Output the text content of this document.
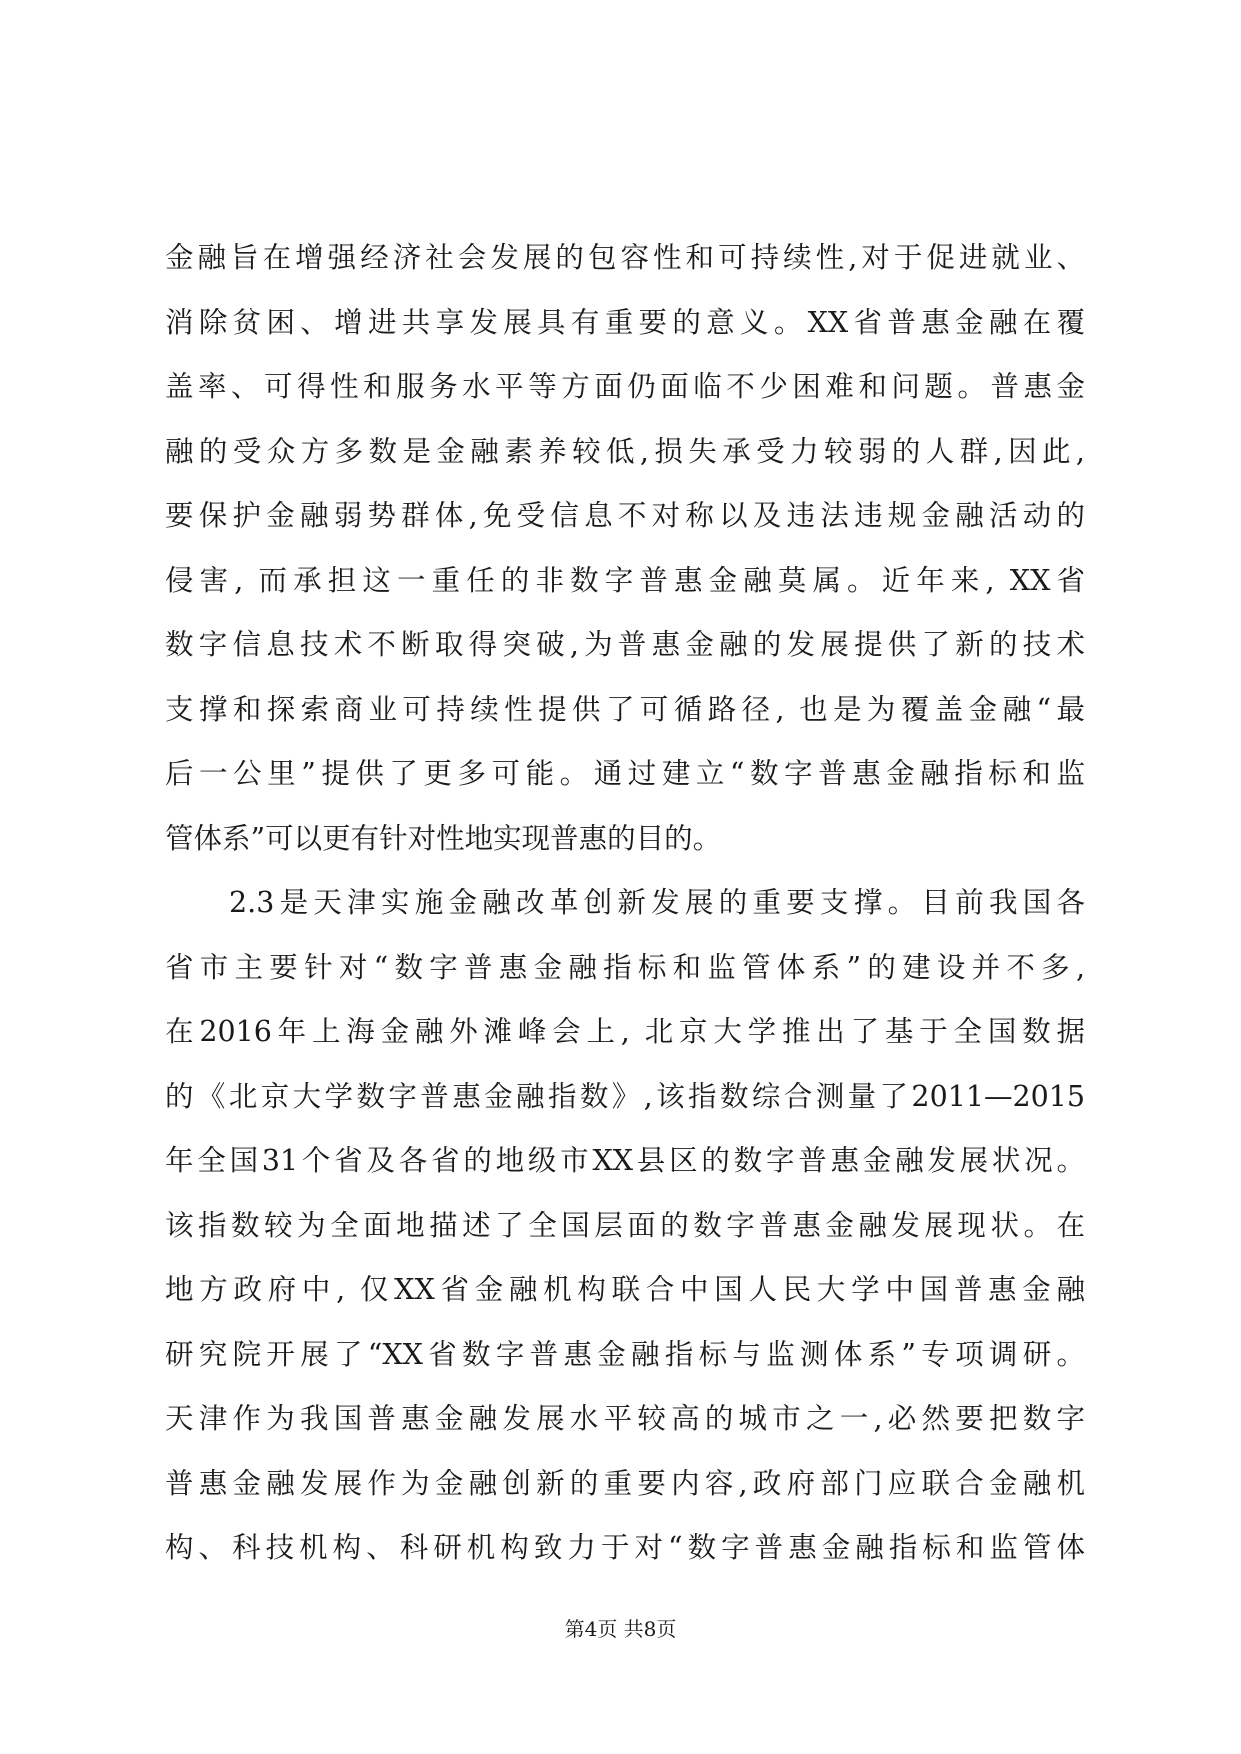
金融旨在增强经济社会发展的包容性和可持续性,对于促进就业、
消除贫困、增进共享发展具有重要的意义。XX省普惠金融在覆
盖率、可得性和服务水平等方面仍面临不少困难和问题。普惠金
融的受众方多数是金融素养较低,损失承受力较弱的人群,因此,
要保护金融弱势群体,免受信息不对称以及违法违规金融活动的
侵害, 而承担这一重任的非数字普惠金融莫属。近年来, XX省
数字信息技术不断取得突破,为普惠金融的发展提供了新的技术
支撑和探索商业可持续性提供了可循路径, 也是为覆盖金融“最
后一公里”提供了更多可能。通过建立“数字普惠金融指标和监
管体系”可以更有针对性地实现普惠的目的。
2.3是天津实施金融改革创新发展的重要支撑。目前我国各
省市主要针对“数字普惠金融指标和监管体系”的建设并不多,
在2016年上海金融外滩峰会上, 北京大学推出了基于全国数据
的《北京大学数字普惠金融指数》,该指数综合测量了2011—2015
年全国31个省及各省的地级市XX县区的数字普惠金融发展状况。
该指数较为全面地描述了全国层面的数字普惠金融发展现状。在
地方政府中, 仅XX省金融机构联合中国人民大学中国普惠金融
研究院开展了“XX省数字普惠金融指标与监测体系”专项调研。
天津作为我国普惠金融发展水平较高的城市之一,必然要把数字
普惠金融发展作为金融创新的重要内容,政府部门应联合金融机
构、科技机构、科研机构致力于对“数字普惠金融指标和监管体
第4页 共8页
